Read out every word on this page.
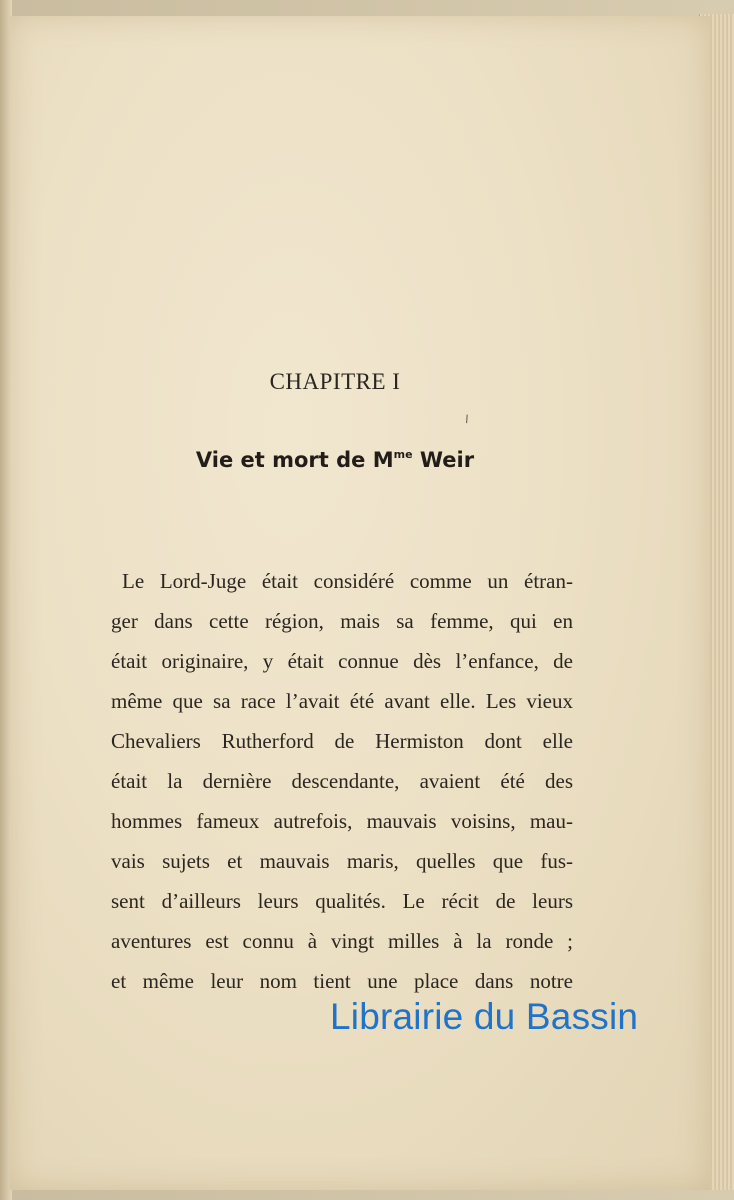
CHAPITRE I
\
Vie et mort de $M^{me}$ Weir
Le Lord-Juge était considéré comme un étran-
ger dans cette région, mais sa femme, qui en
était originaire, y était connue dès l’enfance, de
même que sa race l’avait été avant elle. Les vieux
Chevaliers Rutherford de Hermiston dont elle
était la dernière descendante, avaient été des
hommes fameux autrefois, mauvais voisins, mau-
vais sujets et mauvais maris, quelles que fus-
sent d’ailleurs leurs qualités. Le récit de leurs
aventures est connu à vingt milles à la ronde ;
et même leur nom tient une place dans notre
Librairie du Bassin
